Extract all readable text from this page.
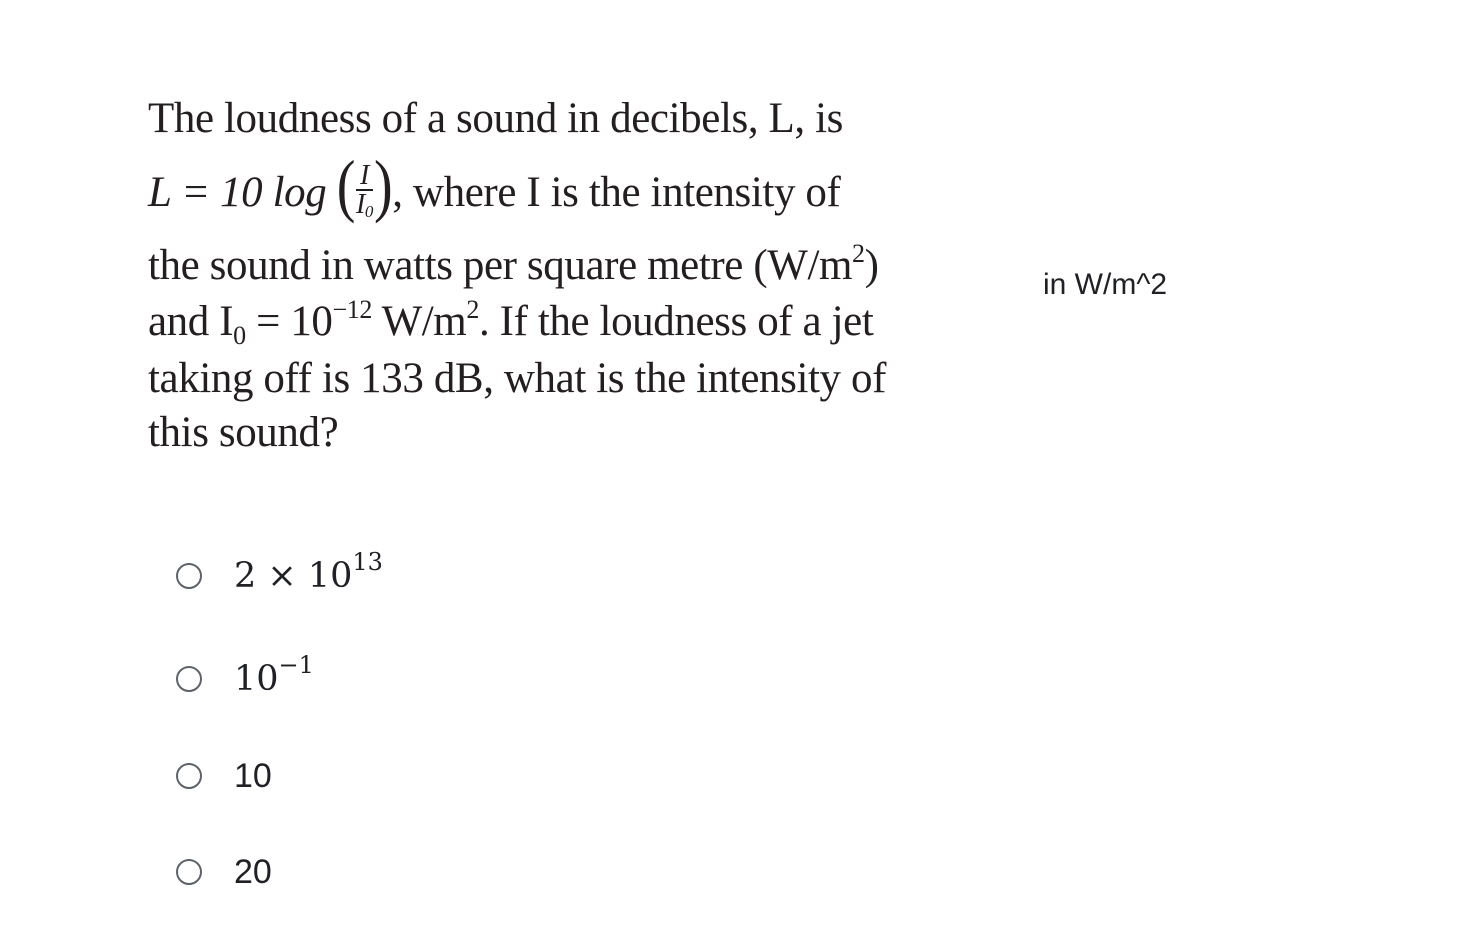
The loudness of a sound in decibels, L, is
L = 10 log ( $\frac{I}{I_0}$ ), where I is the intensity of
the sound in watts per square metre $(W/m^2)$
and $I_0 = 10^{-12}$ $W/m^2$. If the loudness of a jet
taking off is 133 dB, what is the intensity of
this sound?
in W/m^2
$2 \times 10^{13}$
$10^{-1}$
10
20
